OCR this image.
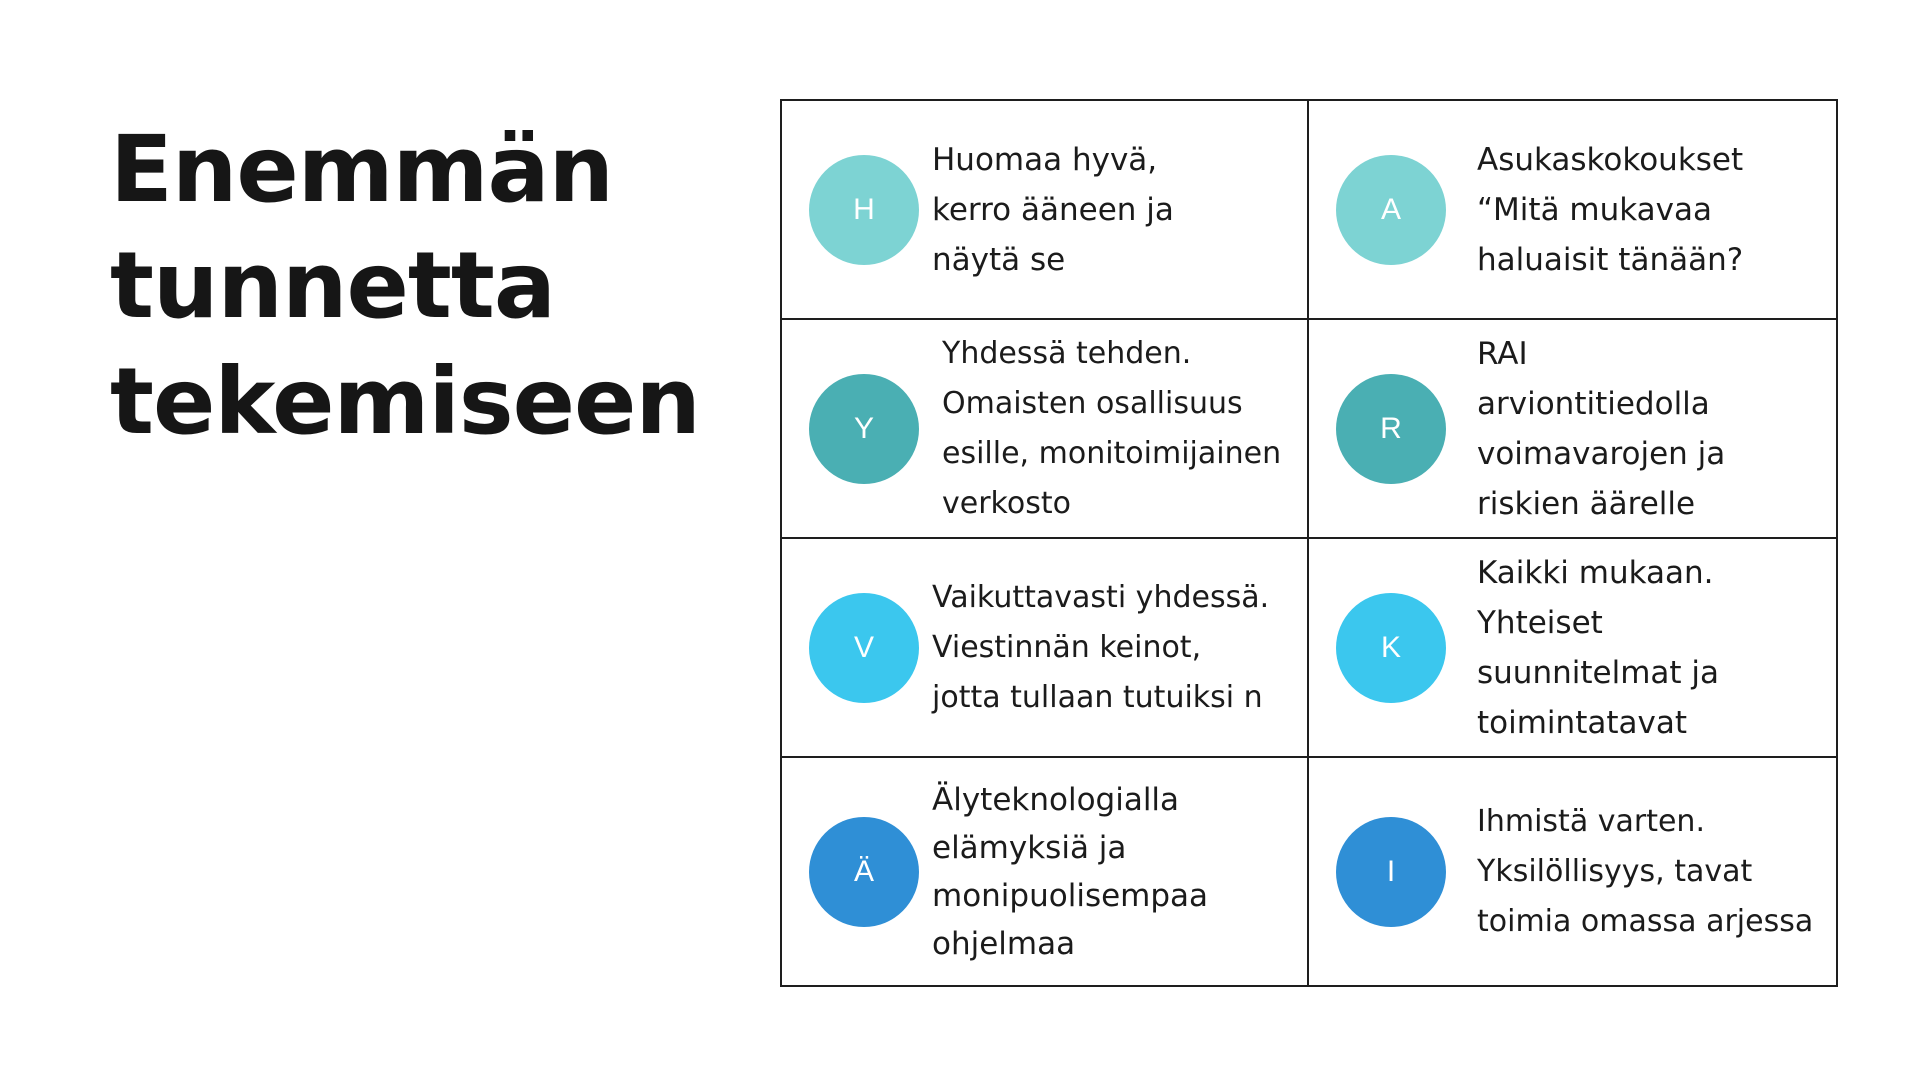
Enemmän
tunnetta
tekemiseen
H

Huomaa hyvä,
kerro ääneen ja
näytä se

A

Asukaskokoukset
“Mitä mukavaa
haluaisit tänään?

Y

Yhdessä tehden.
Omaisten osallisuus
esille, monitoimijainen
verkosto

R

RAI
arviontitiedolla
voimavarojen ja
riskien äärelle

V

Vaikuttavasti yhdessä.
Viestinnän keinot,
jotta tullaan tutuiksi n

K

Kaikki mukaan.
Yhteiset
suunnitelmat ja
toimintatavat

Ä

Älyteknologialla
elämyksiä ja
monipuolisempaa
ohjelmaa

I

Ihmistä varten.
Yksilöllisyys, tavat
toimia omassa arjessa
